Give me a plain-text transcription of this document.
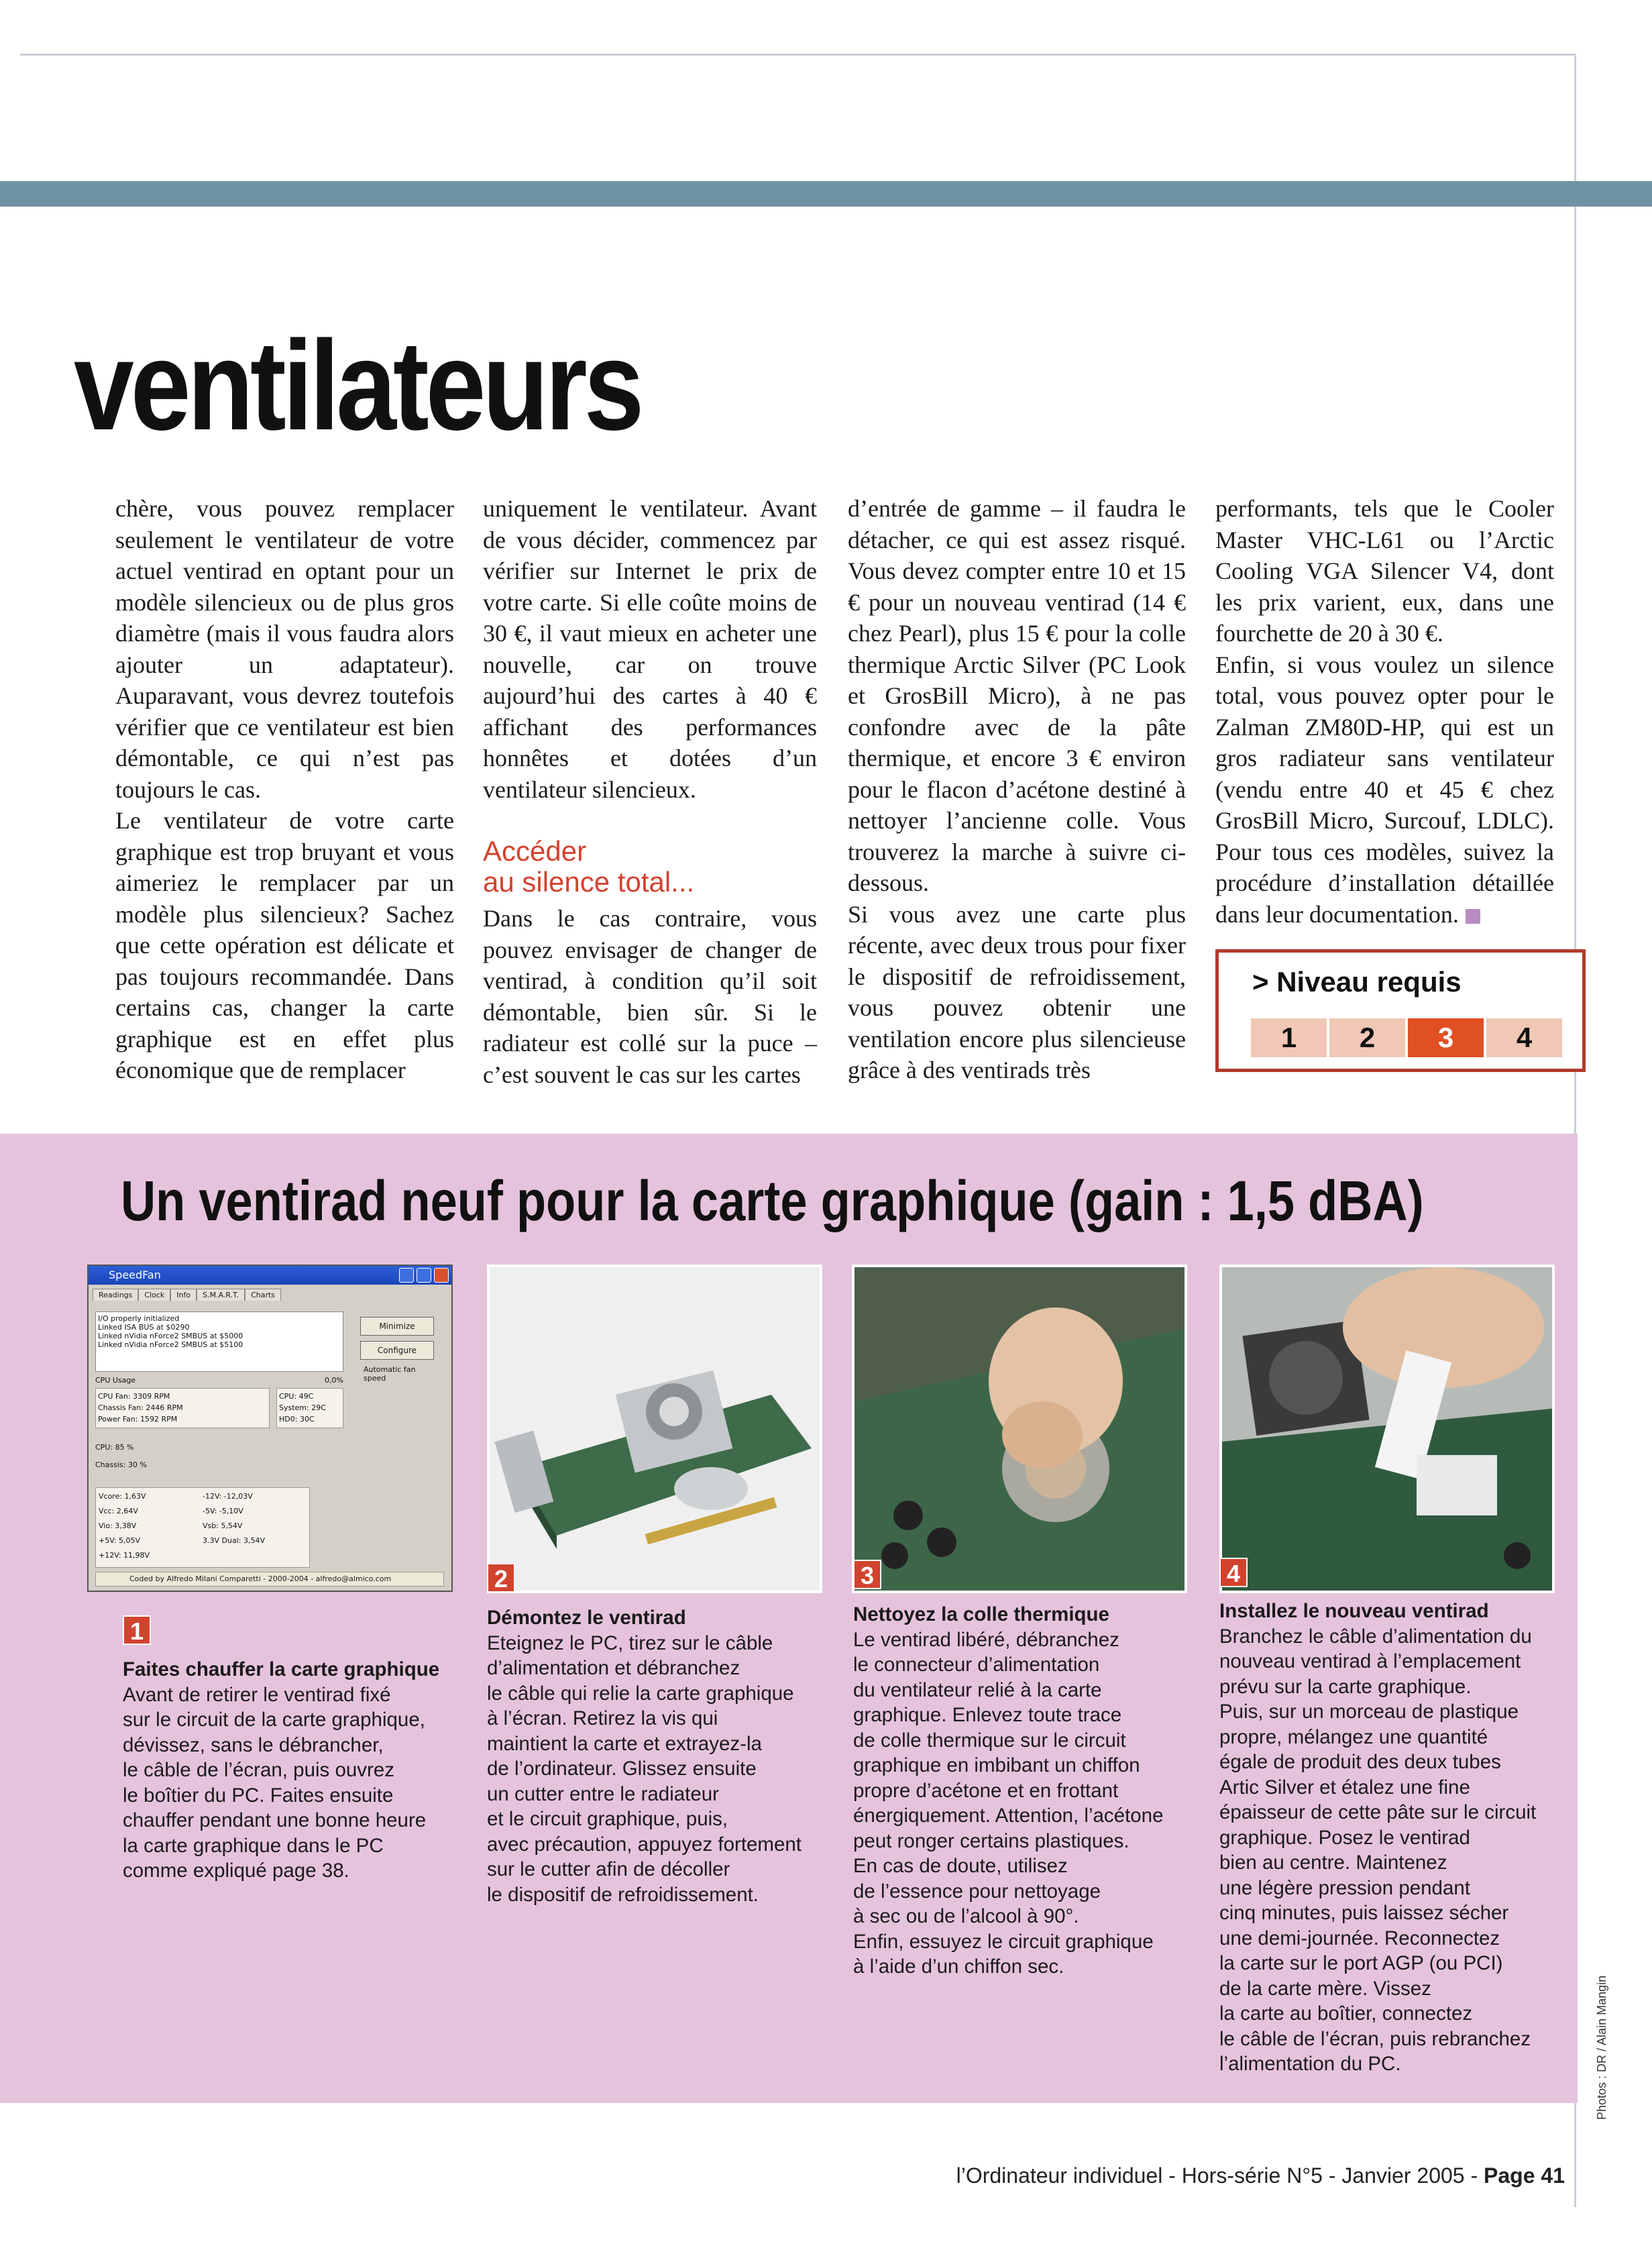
ventilateurs

chère, vous pouvez remplacer seulement le ventilateur de votre actuel ventirad en optant pour un modèle silencieux ou de plus gros diamètre (mais il vous faudra alors ajouter un adaptateur). Auparavant, vous devrez toutefois vérifier que ce ventilateur est bien démontable, ce qui n’est pas toujours le cas.

Le ventilateur de votre carte graphique est trop bruyant et vous aimeriez le remplacer par un modèle plus silencieux? Sachez que cette opération est délicate et pas toujours recommandée. Dans certains cas, changer la carte graphique est en effet plus économique que de remplacer

uniquement le ventilateur. Avant de vous décider, commencez par vérifier sur Internet le prix de votre carte. Si elle coûte moins de 30 €, il vaut mieux en acheter une nouvelle, car on trouve aujourd’hui des cartes à 40 € affichant des performances honnêtes et dotées d’un ventilateur silencieux.

Accéder
au silence total...

Dans le cas contraire, vous pouvez envisager de changer de ventirad, à condition qu’il soit démontable, bien sûr. Si le radiateur est collé sur la puce – c’est souvent le cas sur les cartes

d’entrée de gamme – il faudra le détacher, ce qui est assez risqué. Vous devez compter entre 10 et 15 € pour un nouveau ventirad (14 € chez Pearl), plus 15 € pour la colle thermique Arctic Silver (PC Look et GrosBill Micro), à ne pas confondre avec de la pâte thermique, et encore 3 € environ pour le flacon d’acétone destiné à nettoyer l’ancienne colle. Vous trouverez la marche à suivre ci-dessous.

Si vous avez une carte plus récente, avec deux trous pour fixer le dispositif de refroidissement, vous pouvez obtenir une ventilation encore plus silencieuse grâce à des ventirads très

performants, tels que le Cooler Master VHC-L61 ou l’Arctic Cooling VGA Silencer V4, dont les prix varient, eux, dans une fourchette de 20 à 30 €.

Enfin, si vous voulez un silence total, vous pouvez opter pour le Zalman ZM80D-HP, qui est un gros radiateur sans ventilateur (vendu entre 40 et 45 € chez GrosBill Micro, Surcouf, LDLC). Pour tous ces modèles, suivez la procédure d’installation détaillée dans leur documentation.

> Niveau requis
1	2	3	4
Un ventirad neuf pour la carte graphique (gain : 1,5 dBA)
SpeedFan
Readings	Clock	Info	S.M.A.R.T.	Charts
I/O properly initialized
Linked ISA BUS at $0290
Linked nVidia nForce2 SMBUS at $5000
Linked nVidia nForce2 SMBUS at $5100
Minimize
Configure
Automatic fan speed
CPU Usage	0,0%
CPU Fan: 3309 RPM
Chassis Fan: 2446 RPM
Power Fan: 1592 RPM
CPU: 49C
System: 29C
HD0: 30C
CPU: 85 %
Chassis: 30 %
Vcore: 1,63V	-12V: -12,03V
Vcc: 2,64V	-5V: -5,10V
Vio: 3,38V	Vsb: 5,54V
+5V: 5,05V	3.3V Dual: 3,54V
+12V: 11,98V
Coded by Alfredo Milani Comparetti - 2000-2004 - alfredo@almico.com
1
Faites chauffer la carte graphique
Avant de retirer le ventirad fixé
sur le circuit de la carte graphique,
dévissez, sans le débrancher,
le câble de l’écran, puis ouvrez
le boîtier du PC. Faites ensuite
chauffer pendant une bonne heure
la carte graphique dans le PC
comme expliqué page 38.
2
Démontez le ventirad
Eteignez le PC, tirez sur le câble
d’alimentation et débranchez
le câble qui relie la carte graphique
à l’écran. Retirez la vis qui
maintient la carte et extrayez-la
de l’ordinateur. Glissez ensuite
un cutter entre le radiateur
et le circuit graphique, puis,
avec précaution, appuyez fortement
sur le cutter afin de décoller
le dispositif de refroidissement.
3
Nettoyez la colle thermique
Le ventirad libéré, débranchez
le connecteur d’alimentation
du ventilateur relié à la carte
graphique. Enlevez toute trace
de colle thermique sur le circuit
graphique en imbibant un chiffon
propre d’acétone et en frottant
énergiquement. Attention, l’acétone
peut ronger certains plastiques.
En cas de doute, utilisez
de l’essence pour nettoyage
à sec ou de l’alcool à 90°.
Enfin, essuyez le circuit graphique
à l’aide d’un chiffon sec.
4
Installez le nouveau ventirad
Branchez le câble d’alimentation du
nouveau ventirad à l’emplacement
prévu sur la carte graphique.
Puis, sur un morceau de plastique
propre, mélangez une quantité
égale de produit des deux tubes
Artic Silver et étalez une fine
épaisseur de cette pâte sur le circuit
graphique. Posez le ventirad
bien au centre. Maintenez
une légère pression pendant
cinq minutes, puis laissez sécher
une demi-journée. Reconnectez
la carte sur le port AGP (ou PCI)
de la carte mère. Vissez
la carte au boîtier, connectez
le câble de l’écran, puis rebranchez
l’alimentation du PC.	Photos : DR / Alain Mangin
l’Ordinateur individuel - Hors-série N°5 - Janvier 2005 - Page 41
